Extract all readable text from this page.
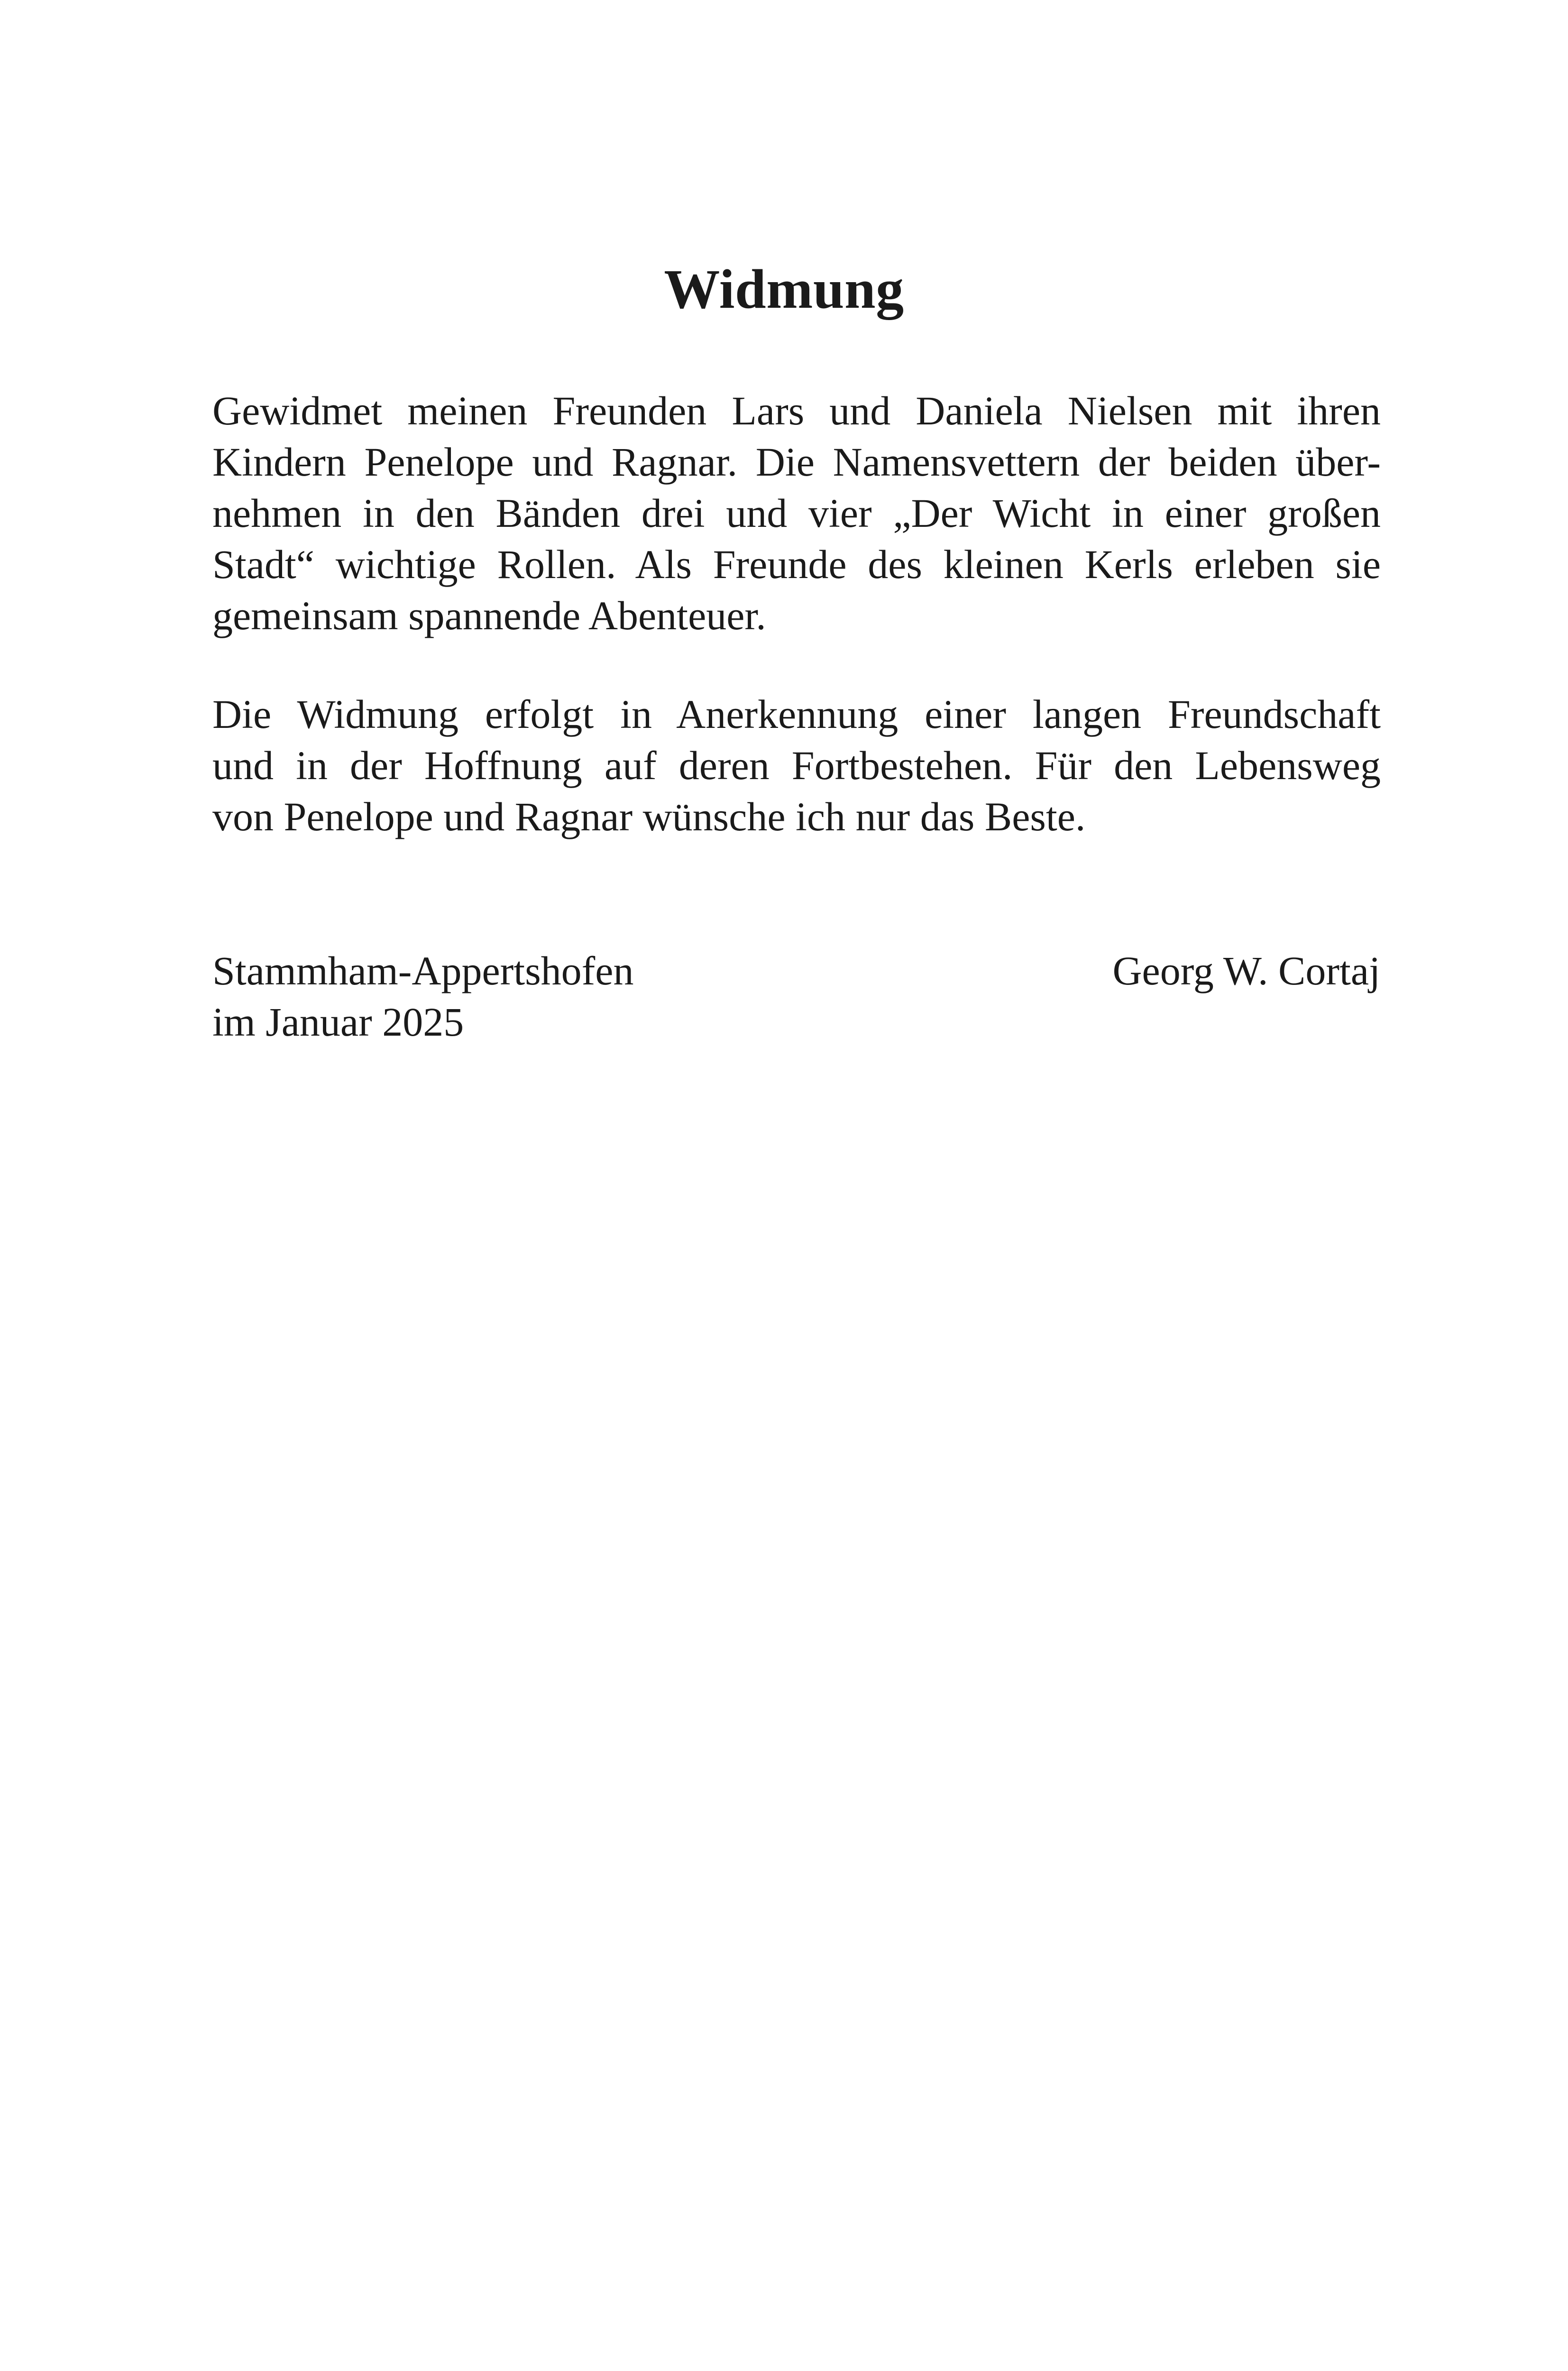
Widmung
Gewidmet meinen Freunden Lars und Daniela Nielsen mit ihren
Kindern Penelope und Ragnar. Die Namensvettern der beiden über-
nehmen in den Bänden drei und vier „Der Wicht in einer großen
Stadt“ wichtige Rollen. Als Freunde des kleinen Kerls erleben sie
gemeinsam spannende Abenteuer.
Die Widmung erfolgt in Anerkennung einer langen Freundschaft
und in der Hoffnung auf deren Fortbestehen. Für den Lebensweg
von Penelope und Ragnar wünsche ich nur das Beste.
Stammham-Appertshofen
im Januar 2025
Georg W. Cortaj
